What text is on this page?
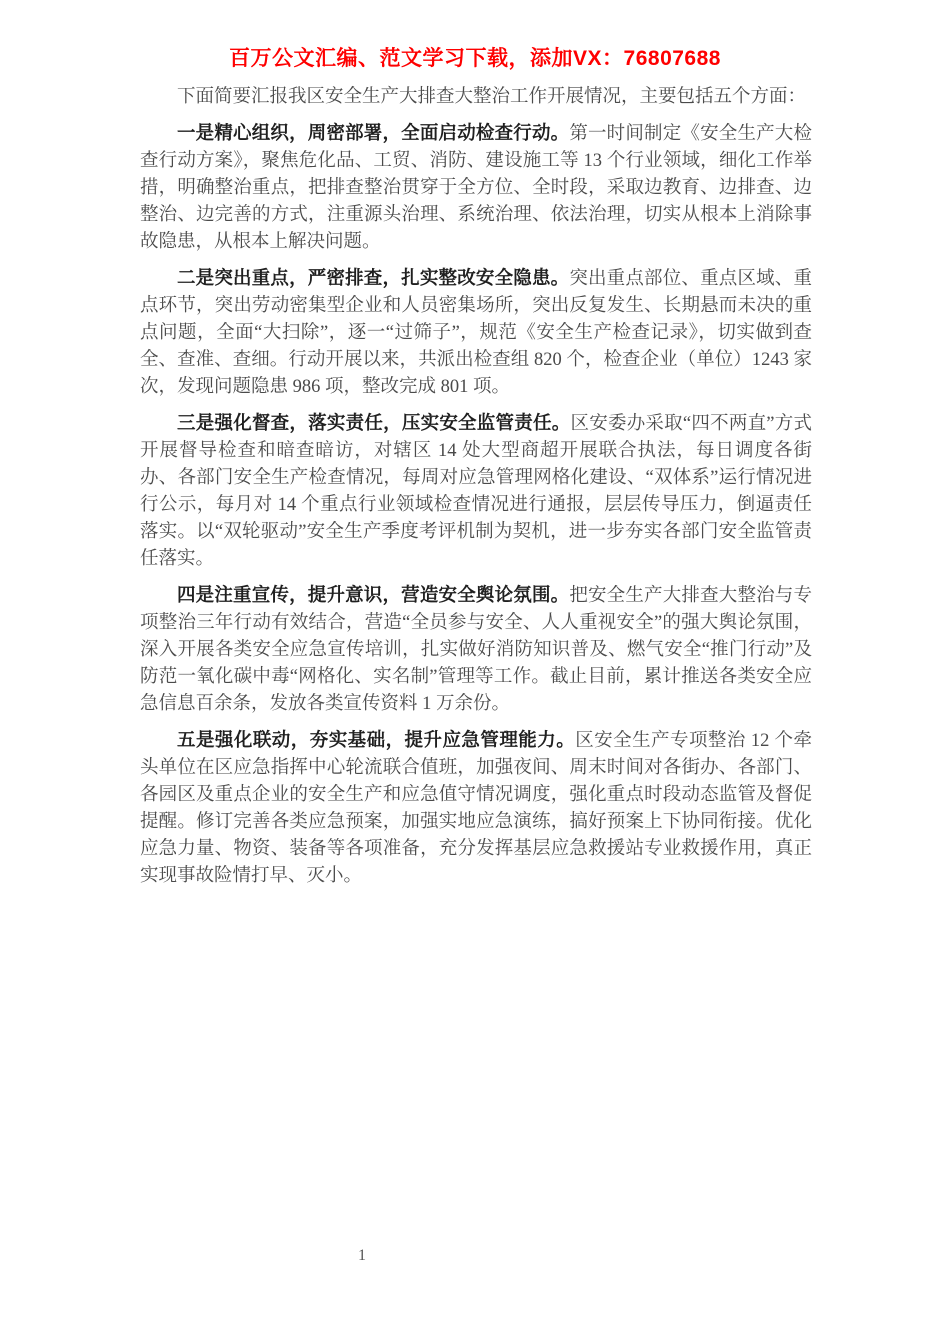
百万公文汇编、范文学习下载，添加VX：76807688

下面简要汇报我区安全生产大排查大整治工作开展情况，主要包括五个方面：

一是精心组织，周密部署，全面启动检查行动。第一时间制定《安全生产大检查行动方案》，聚焦危化品、工贸、消防、建设施工等 13 个行业领域，细化工作举措，明确整治重点，把排查整治贯穿于全方位、全时段，采取边教育、边排查、边整治、边完善的方式，注重源头治理、系统治理、依法治理，切实从根本上消除事故隐患，从根本上解决问题。

二是突出重点，严密排查，扎实整改安全隐患。突出重点部位、重点区域、重点环节，突出劳动密集型企业和人员密集场所，突出反复发生、长期悬而未决的重点问题，全面“大扫除”，逐一“过筛子”，规范《安全生产检查记录》，切实做到查全、查准、查细。行动开展以来，共派出检查组 820 个，检查企业（单位）1243 家次，发现问题隐患 986 项，整改完成 801 项。

三是强化督查，落实责任，压实安全监管责任。区安委办采取“四不两直”方式开展督导检查和暗查暗访，对辖区 14 处大型商超开展联合执法，每日调度各街办、各部门安全生产检查情况，每周对应急管理网格化建设、“双体系”运行情况进行公示，每月对 14 个重点行业领域检查情况进行通报，层层传导压力，倒逼责任落实。以“双轮驱动”安全生产季度考评机制为契机，进一步夯实各部门安全监管责任落实。

四是注重宣传，提升意识，营造安全舆论氛围。把安全生产大排查大整治与专项整治三年行动有效结合，营造“全员参与安全、人人重视安全”的强大舆论氛围，深入开展各类安全应急宣传培训，扎实做好消防知识普及、燃气安全“推门行动”及防范一氧化碳中毒“网格化、实名制”管理等工作。截止目前，累计推送各类安全应急信息百余条，发放各类宣传资料 1 万余份。

五是强化联动，夯实基础，提升应急管理能力。区安全生产专项整治 12 个牵头单位在区应急指挥中心轮流联合值班，加强夜间、周末时间对各街办、各部门、各园区及重点企业的安全生产和应急值守情况调度，强化重点时段动态监管及督促提醒。修订完善各类应急预案，加强实地应急演练，搞好预案上下协同衔接。优化应急力量、物资、装备等各项准备，充分发挥基层应急救援站专业救援作用，真正实现事故险情打早、灭小。

1
